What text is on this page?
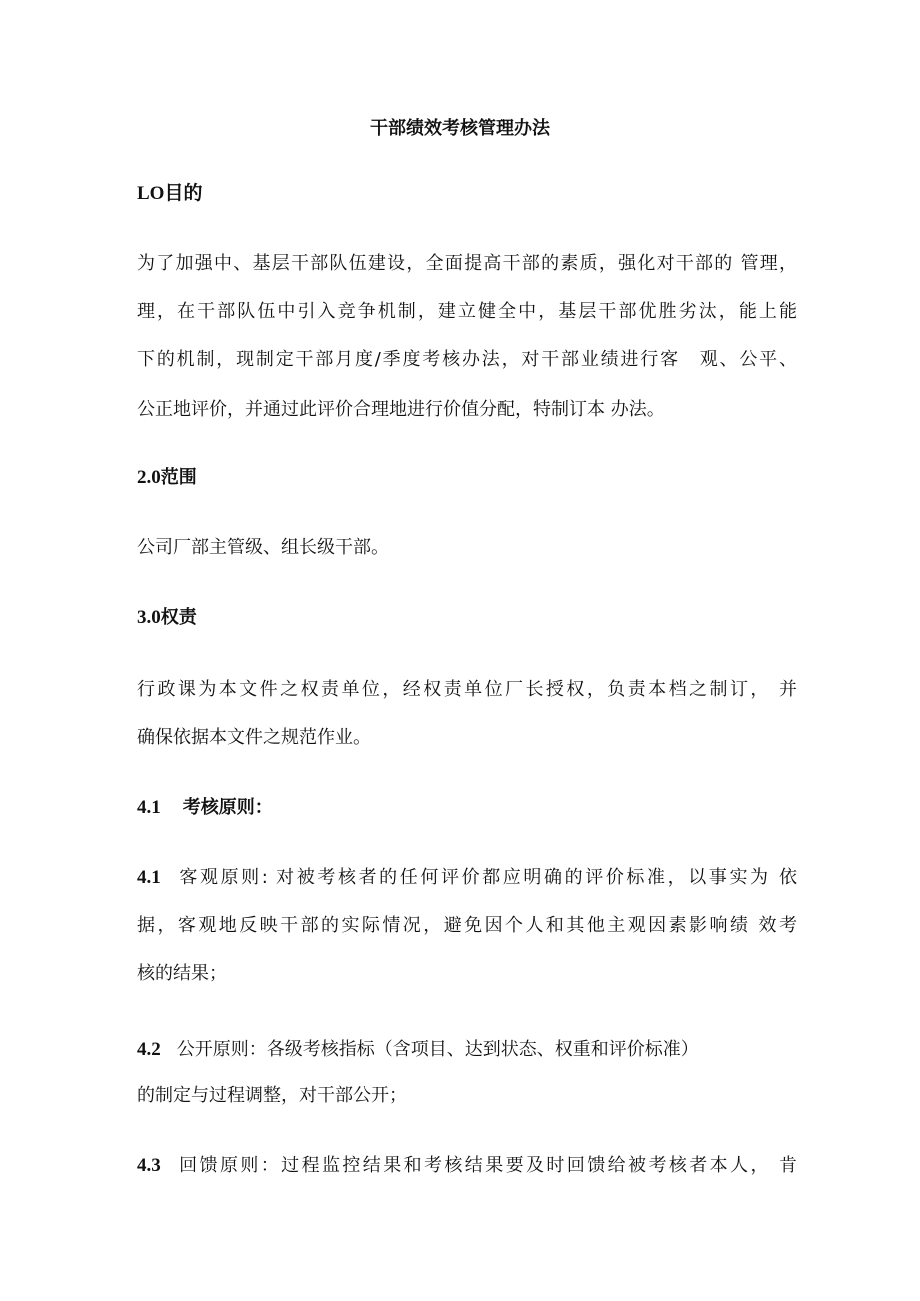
干部绩效考核管理办法
LO目的
为了加强中、基层干部队伍建设，全面提高干部的素质，强化对干部的 管理，
理，在干部队伍中引入竞争机制，建立健全中，基层干部优胜劣汰，能上能
下的机制，现制定干部月度/季度考核办法，对干部业绩进行客　观、公平、
公正地评价，并通过此评价合理地进行价值分配，特制订本 办法。
2.0范围
公司厂部主管级、组长级干部。
3.0权责
行政课为本文件之权责单位，经权责单位厂长授权，负责本档之制订， 并
确保依据本文件之规范作业。
4.1 考核原则：
4.1 客观原则: 对被考核者的任何评价都应明确的评价标准，以事实为 依
据，客观地反映干部的实际情况，避免因个人和其他主观因素影响绩 效考
核的结果；
4.2 公开原则：各级考核指标（含项目、达到状态、权重和评价标准）
的制定与过程调整，对干部公开；
4.3 回馈原则：过程监控结果和考核结果要及时回馈给被考核者本人， 肯
